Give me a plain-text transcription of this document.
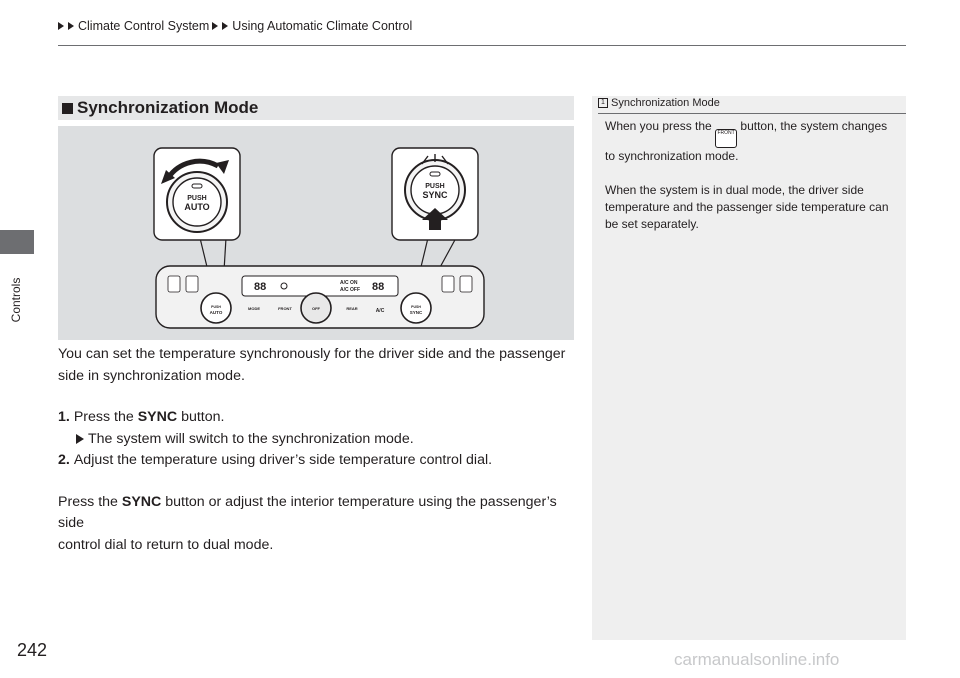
Climate Control System Using Automatic Climate Control
Controls
242
Synchronization Mode
PUSH
AUTO
PUSH
SYNC
88	88
A/C ON
A/C OFF
PUSH
AUTO
PUSH
SYNC
OFF
MODE	FRONT	REAR	A/C

You can set the temperature synchronously for the driver side and the passenger

side in synchronization mode.

1. Press the SYNC button.

The system will switch to the synchronization mode.

2. Adjust the temperature using driver’s side temperature control dial.

Press the SYNC button or adjust the interior temperature using the passenger’s side

control dial to return to dual mode.

1 Synchronization Mode

When you press the FRONT button, the system changes

to synchronization mode.

When the system is in dual mode, the driver side

temperature and the passenger side temperature can

be set separately.

carmanualsonline.info
